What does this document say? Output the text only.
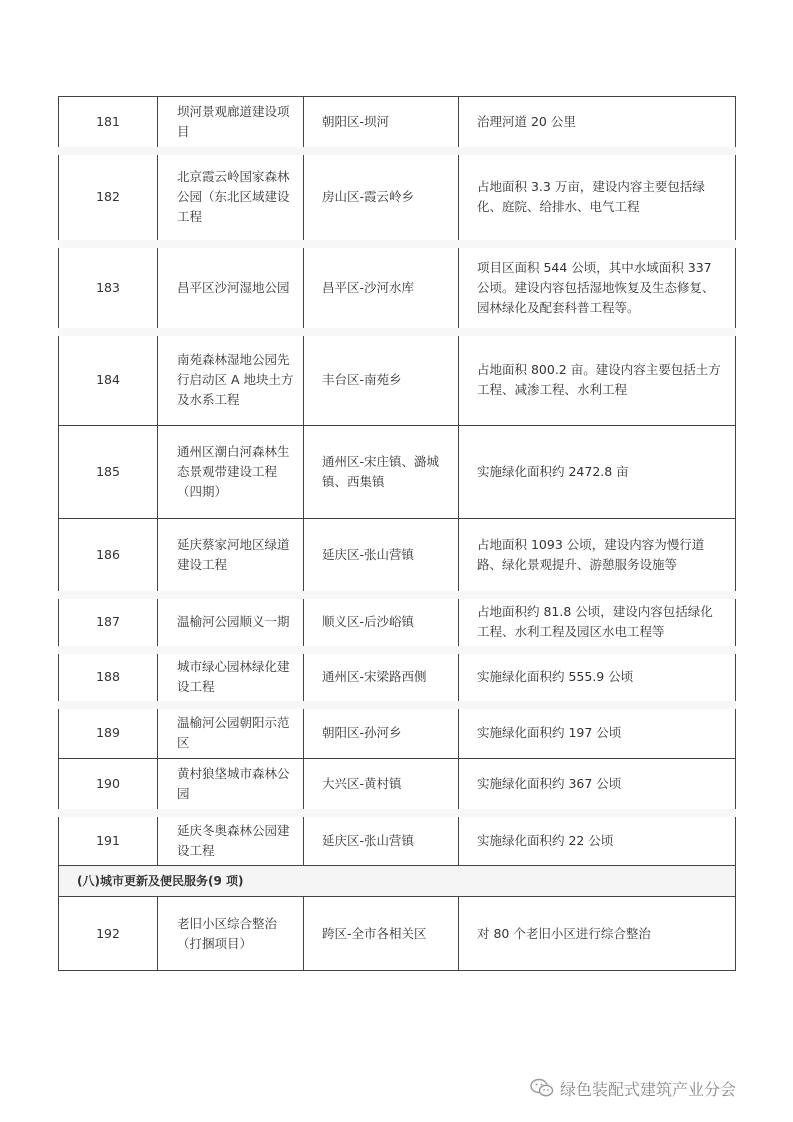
181	坝河景观廊道建设项目	朝阳区-坝河	治理河道 20 公里
182	北京霞云岭国家森林公园（东北区域建设工程	房山区-霞云岭乡	占地面积 3.3 万亩，建设内容主要包括绿化、庭院、给排水、电气工程
183	昌平区沙河湿地公园	昌平区-沙河水库	项目区面积 544 公顷，其中水域面积 337 公顷。建设内容包括湿地恢复及生态修复、园林绿化及配套科普工程等。
184	南苑森林湿地公园先行启动区 A 地块土方及水系工程	丰台区-南苑乡	占地面积 800.2 亩。建设内容主要包括土方工程、减渗工程、水利工程
185	通州区潮白河森林生态景观带建设工程（四期）	通州区-宋庄镇、潞城镇、西集镇	实施绿化面积约 2472.8 亩
186	延庆蔡家河地区绿道建设工程	延庆区-张山营镇	占地面积 1093 公顷，建设内容为慢行道路、绿化景观提升、游憩服务设施等
187	温榆河公园顺义一期	顺义区-后沙峪镇	占地面积约 81.8 公顷，建设内容包括绿化工程、水利工程及园区水电工程等
188	城市绿心园林绿化建设工程	通州区-宋梁路西侧	实施绿化面积约 555.9 公顷
189	温榆河公园朝阳示范区	朝阳区-孙河乡	实施绿化面积约 197 公顷
190	黄村狼垡城市森林公园	大兴区-黄村镇	实施绿化面积约 367 公顷
191	延庆冬奥森林公园建设工程	延庆区-张山营镇	实施绿化面积约 22 公顷
(八)城市更新及便民服务(9 项)			
192	老旧小区综合整治（打捆项目）	跨区-全市各相关区	对 80 个老旧小区进行综合整治
绿色装配式建筑产业分会
